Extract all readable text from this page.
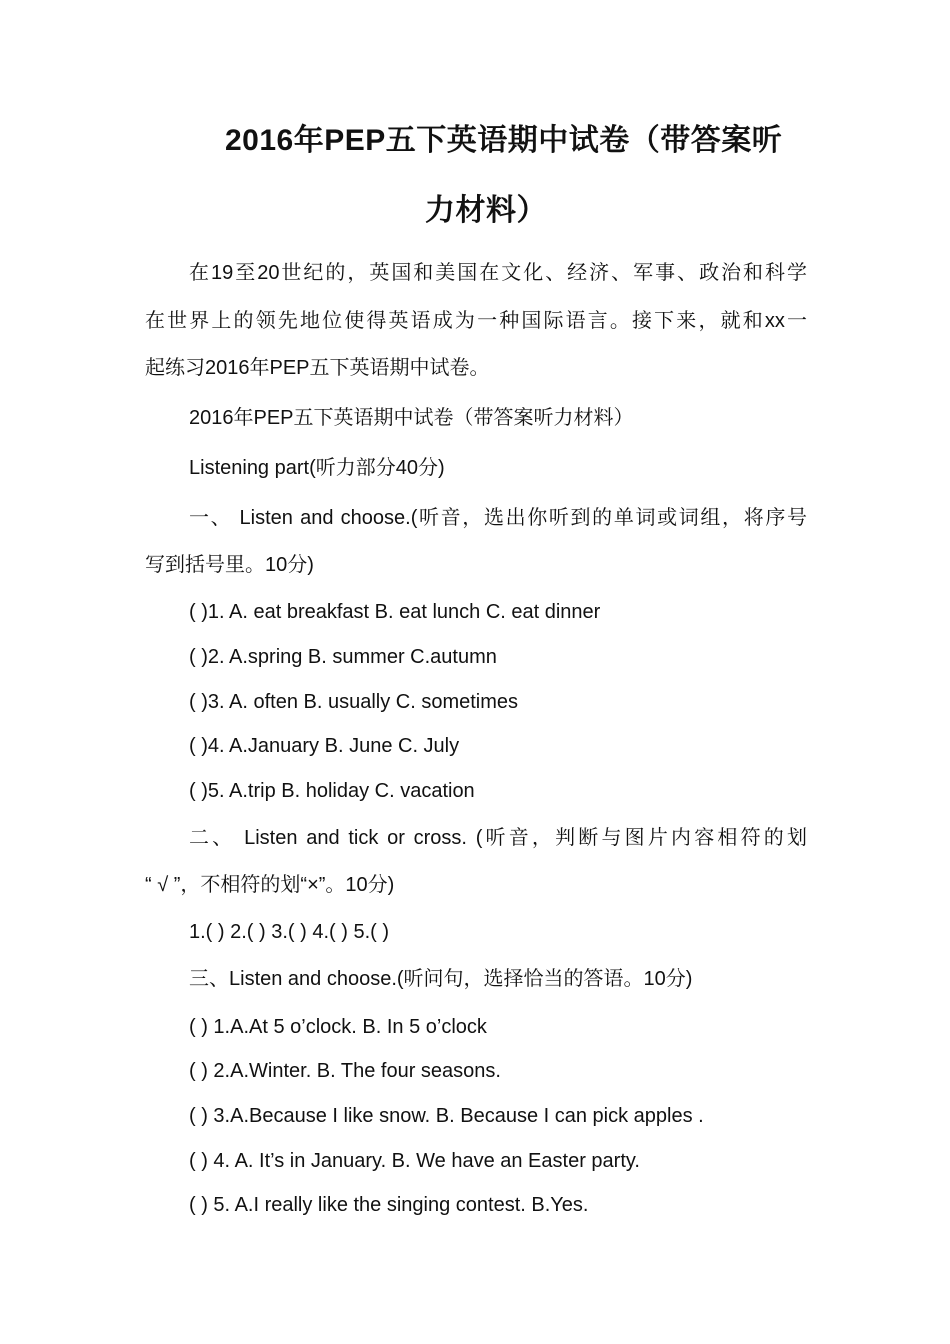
2016年PEP五下英语期中试卷（带答案听
力材料）
在19至20世纪的，英国和美国在文化、经济、军事、政治和科学
在世界上的领先地位使得英语成为一种国际语言。接下来，就和xx一
起练习2016年PEP五下英语期中试卷。
2016年PEP五下英语期中试卷（带答案听力材料）
Listening part(听力部分40分)
一、 Listen and choose.(听音，选出你听到的单词或词组，将序号
写到括号里。10分)
( )1. A. eat breakfast B. eat lunch C. eat dinner
( )2. A.spring B. summer C.autumn
( )3. A. often B. usually C. sometimes
( )4. A.January B. June C. July
( )5. A.trip B. holiday C. vacation
二、 Listen and tick or cross. (听音，判断与图片内容相符的划
“ √ ”，不相符的划“×”。10分)
1.( ) 2.( ) 3.( ) 4.( ) 5.( )
三、Listen and choose.(听问句，选择恰当的答语。10分)
( ) 1.A.At 5 o’clock. B. In 5 o’clock
( ) 2.A.Winter. B. The four seasons.
( ) 3.A.Because I like snow. B. Because I can pick apples .
( ) 4. A. It’s in January. B. We have an Easter party.
( ) 5. A.I really like the singing contest. B.Yes.
